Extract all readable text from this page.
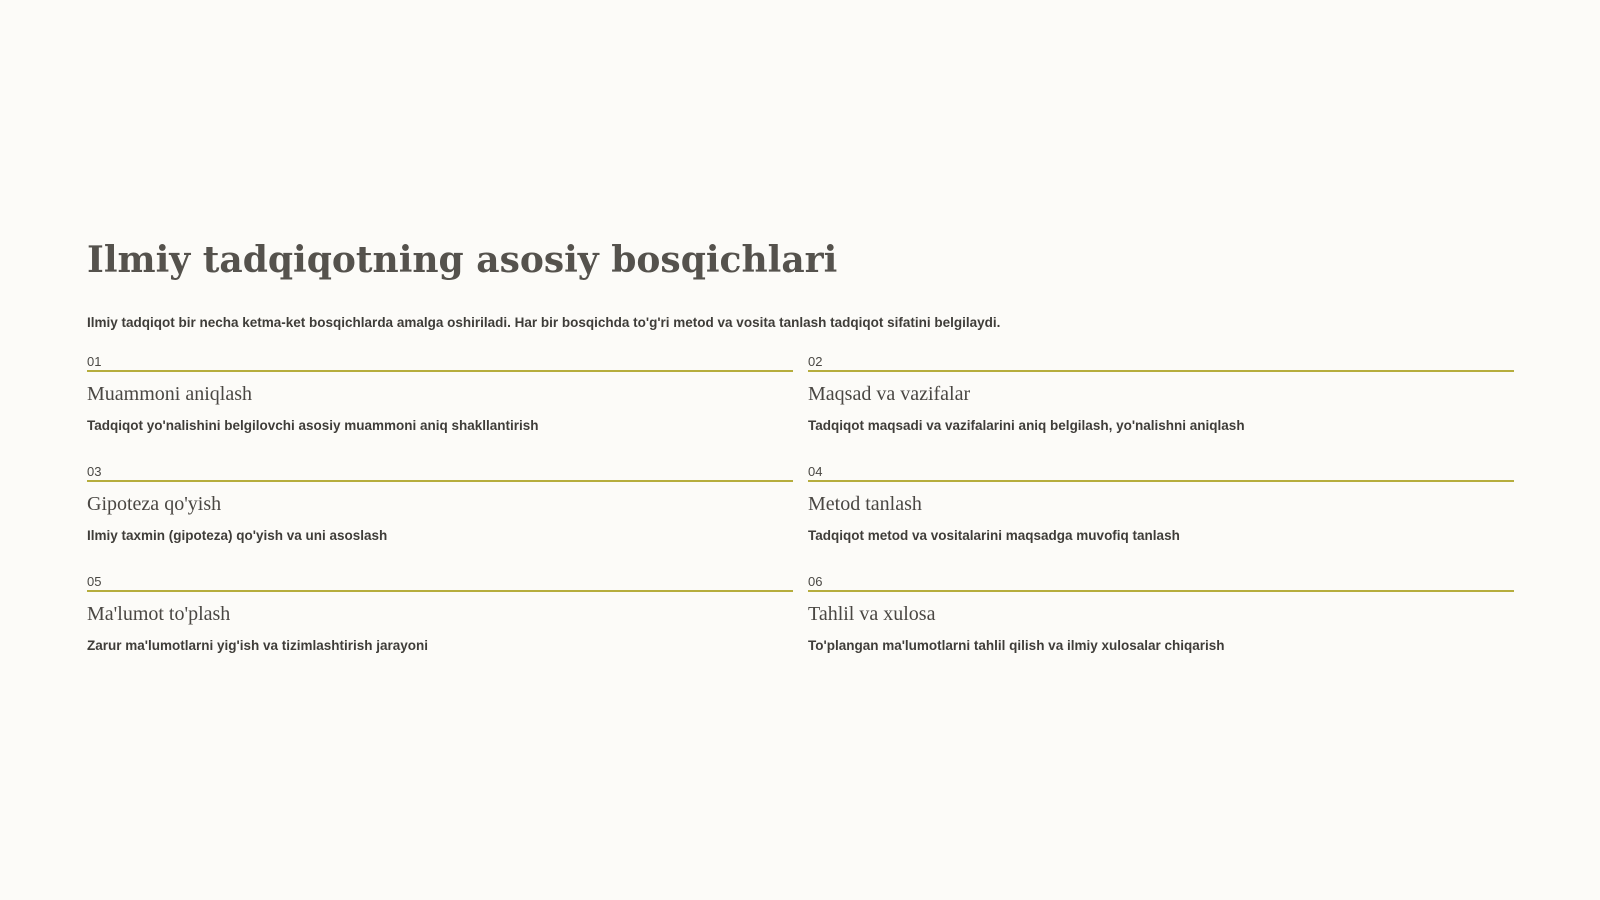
Ilmiy tadqiqotning asosiy bosqichlari

Ilmiy tadqiqot bir necha ketma-ket bosqichlarda amalga oshiriladi. Har bir bosqichda to'g'ri metod va vosita tanlash tadqiqot sifatini belgilaydi.

01
Muammoni aniqlash
Tadqiqot yo'nalishini belgilovchi asosiy muammoni aniq shakllantirish
02
Maqsad va vazifalar
Tadqiqot maqsadi va vazifalarini aniq belgilash, yo'nalishni aniqlash
03
Gipoteza qo'yish
Ilmiy taxmin (gipoteza) qo'yish va uni asoslash
04
Metod tanlash
Tadqiqot metod va vositalarini maqsadga muvofiq tanlash
05
Ma'lumot to'plash
Zarur ma'lumotlarni yig'ish va tizimlashtirish jarayoni
06
Tahlil va xulosa
To'plangan ma'lumotlarni tahlil qilish va ilmiy xulosalar chiqarish
